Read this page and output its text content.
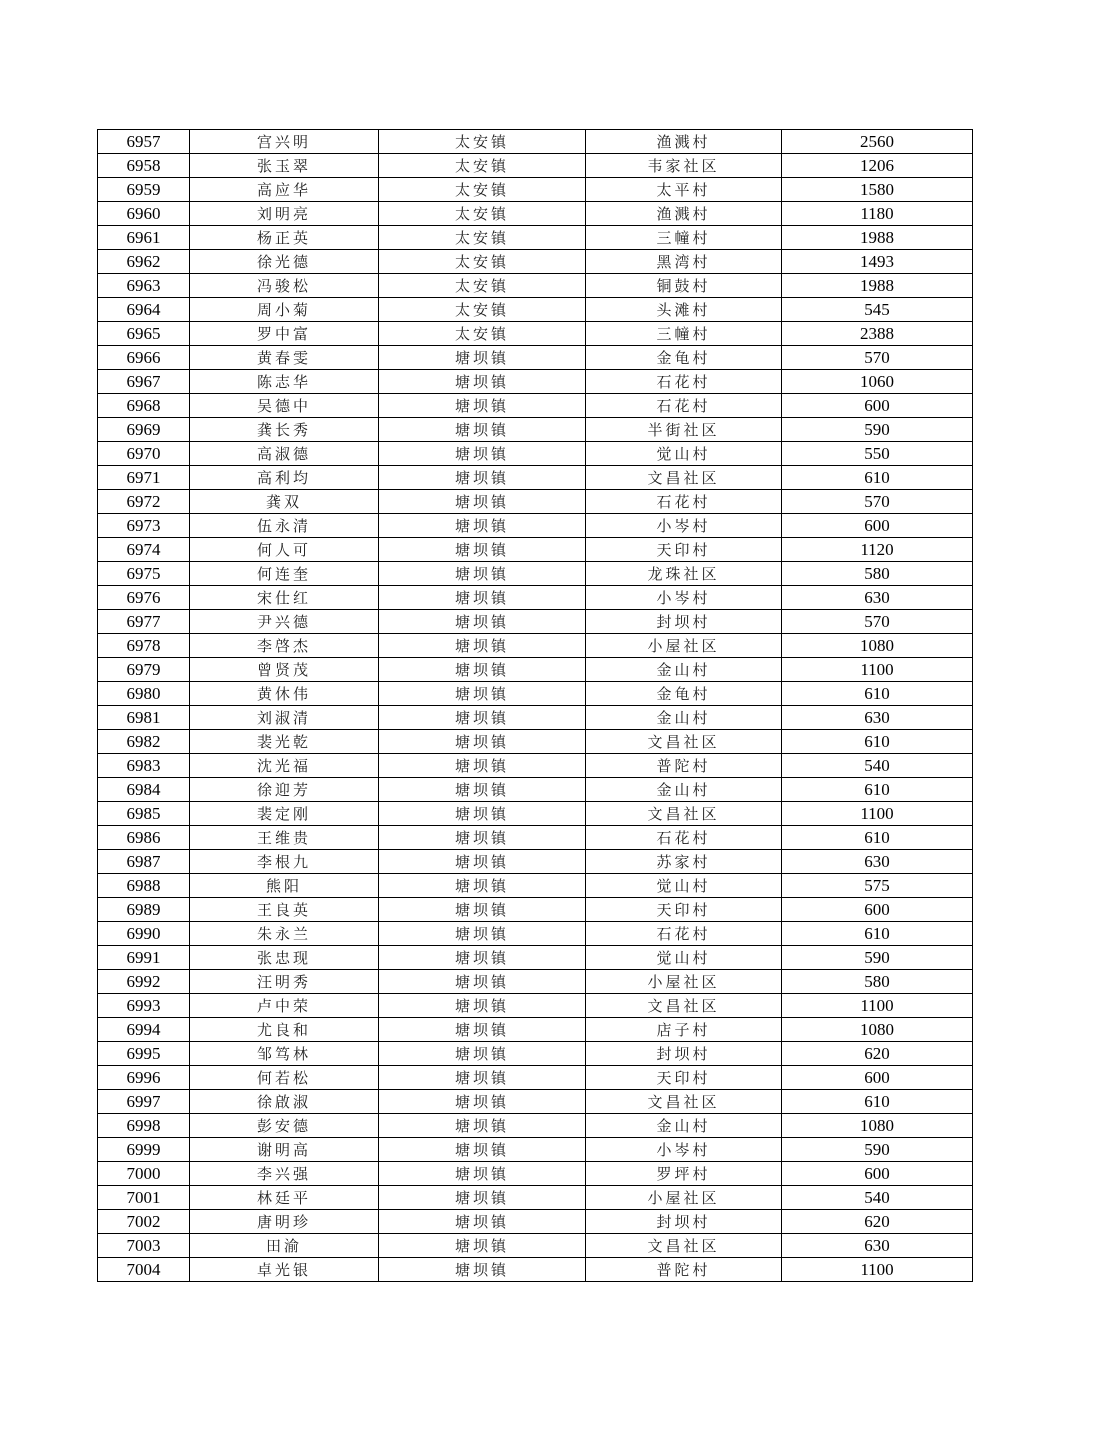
6957	宫兴明	太安镇	渔溅村	2560
6958	张玉翠	太安镇	韦家社区	1206
6959	高应华	太安镇	太平村	1580
6960	刘明亮	太安镇	渔溅村	1180
6961	杨正英	太安镇	三幢村	1988
6962	徐光德	太安镇	黑湾村	1493
6963	冯骏松	太安镇	铜鼓村	1988
6964	周小菊	太安镇	头滩村	545
6965	罗中富	太安镇	三幢村	2388
6966	黄春雯	塘坝镇	金龟村	570
6967	陈志华	塘坝镇	石花村	1060
6968	吴德中	塘坝镇	石花村	600
6969	龚长秀	塘坝镇	半街社区	590
6970	高淑德	塘坝镇	觉山村	550
6971	高利均	塘坝镇	文昌社区	610
6972	龚双	塘坝镇	石花村	570
6973	伍永清	塘坝镇	小岑村	600
6974	何人可	塘坝镇	天印村	1120
6975	何连奎	塘坝镇	龙珠社区	580
6976	宋仕红	塘坝镇	小岑村	630
6977	尹兴德	塘坝镇	封坝村	570
6978	李啓杰	塘坝镇	小屋社区	1080
6979	曾贤茂	塘坝镇	金山村	1100
6980	黄休伟	塘坝镇	金龟村	610
6981	刘淑清	塘坝镇	金山村	630
6982	裴光乾	塘坝镇	文昌社区	610
6983	沈光福	塘坝镇	普陀村	540
6984	徐迎芳	塘坝镇	金山村	610
6985	裴定刚	塘坝镇	文昌社区	1100
6986	王维贵	塘坝镇	石花村	610
6987	李根九	塘坝镇	苏家村	630
6988	熊阳	塘坝镇	觉山村	575
6989	王良英	塘坝镇	天印村	600
6990	朱永兰	塘坝镇	石花村	610
6991	张忠现	塘坝镇	觉山村	590
6992	汪明秀	塘坝镇	小屋社区	580
6993	卢中荣	塘坝镇	文昌社区	1100
6994	尤良和	塘坝镇	店子村	1080
6995	邹笃林	塘坝镇	封坝村	620
6996	何若松	塘坝镇	天印村	600
6997	徐啟淑	塘坝镇	文昌社区	610
6998	彭安德	塘坝镇	金山村	1080
6999	谢明高	塘坝镇	小岑村	590
7000	李兴强	塘坝镇	罗坪村	600
7001	林廷平	塘坝镇	小屋社区	540
7002	唐明珍	塘坝镇	封坝村	620
7003	田渝	塘坝镇	文昌社区	630
7004	卓光银	塘坝镇	普陀村	1100
